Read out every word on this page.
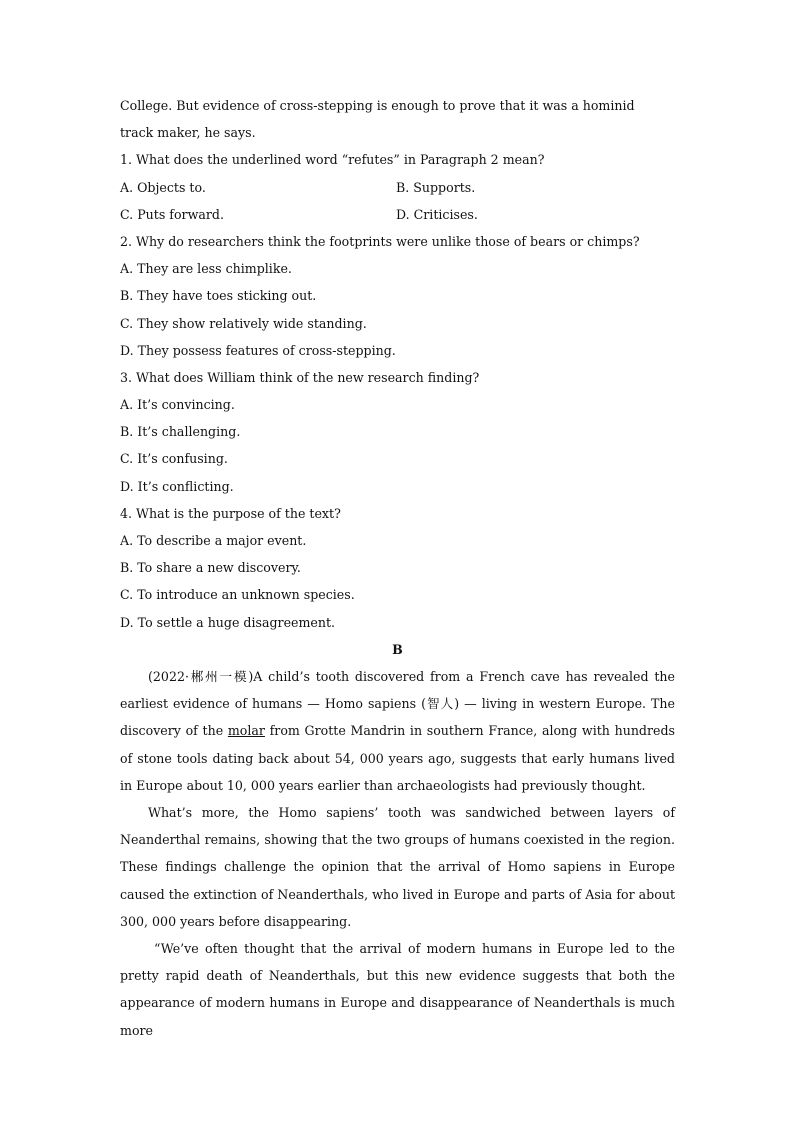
College. But evidence of cross-stepping is enough to prove that it was a hominid
track maker, he says.
1. What does the underlined word “refutes” in Paragraph 2 mean?
A. Objects to.	B. Supports.
C. Puts forward.	D. Criticises.
2. Why do researchers think the footprints were unlike those of bears or chimps?
A. They are less chimplike.
B. They have toes sticking out.
C. They show relatively wide standing.
D. They possess features of cross-stepping.
3. What does William think of the new research finding?
A. It’s convincing.
B. It’s challenging.
C. It’s confusing.
D. It’s conflicting.
4. What is the purpose of the text?
A. To describe a major event.
B. To share a new discovery.
C. To introduce an unknown species.
D. To settle a huge disagreement.
B
(2022·郴州一模)A child’s tooth discovered from a French cave has revealed the earliest evidence of humans — Homo sapiens (智人) — living in western Europe. The discovery of the molar from Grotte Mandrin in southern France, along with hundreds of stone tools dating back about 54, 000 years ago, suggests that early humans lived in Europe about 10, 000 years earlier than archaeologists had previously thought.
What’s more, the Homo sapiens’ tooth was sandwiched between layers of Neanderthal remains, showing that the two groups of humans coexisted in the region. These findings challenge the opinion that the arrival of Homo sapiens in Europe caused the extinction of Neanderthals, who lived in Europe and parts of Asia for about 300, 000 years before disappearing.
“We’ve often thought that the arrival of modern humans in Europe led to the pretty rapid death of Neanderthals, but this new evidence suggests that both the appearance of modern humans in Europe and disappearance of Neanderthals is much more
